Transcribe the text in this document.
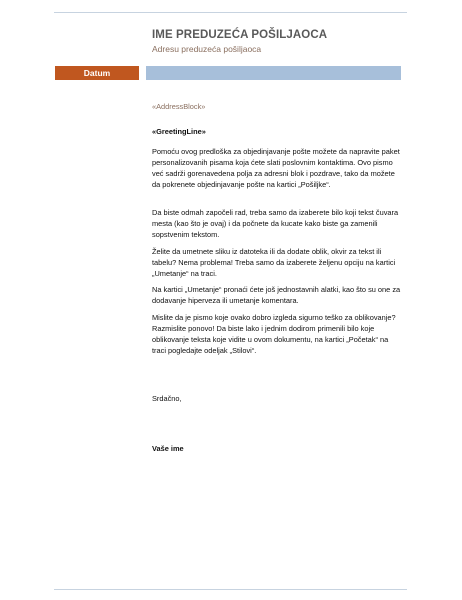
IME PREDUZEĆA POŠILJAOCA
Adresu preduzeća pošiljaoca
Datum
«AddressBlock»
«GreetingLine»
Pomoću ovog predloška za objedinjavanje pošte možete da napravite paket personalizovanih pisama koja ćete slati poslovnim kontaktima. Ovo pismo već sadrži gorenavedena polja za adresni blok i pozdrave, tako da možete da pokrenete objedinjavanje pošte na kartici „Pošiljke“.
Da biste odmah započeli rad, treba samo da izaberete bilo koji tekst čuvara mesta (kao što je ovaj) i da počnete da kucate kako biste ga zamenili sopstvenim tekstom.
Želite da umetnete sliku iz datoteka ili da dodate oblik, okvir za tekst ili tabelu? Nema problema! Treba samo da izaberete željenu opciju na kartici „Umetanje“ na traci.
Na kartici „Umetanje“ pronaći ćete još jednostavnih alatki, kao što su one za dodavanje hiperveza ili umetanje komentara.
Mislite da je pismo koje ovako dobro izgleda sigurno teško za oblikovanje? Razmislite ponovo! Da biste lako i jednim dodirom primenili bilo koje oblikovanje teksta koje vidite u ovom dokumentu, na kartici „Početak“ na traci pogledajte odeljak „Stilovi“.
Srdačno,
Vaše ime
